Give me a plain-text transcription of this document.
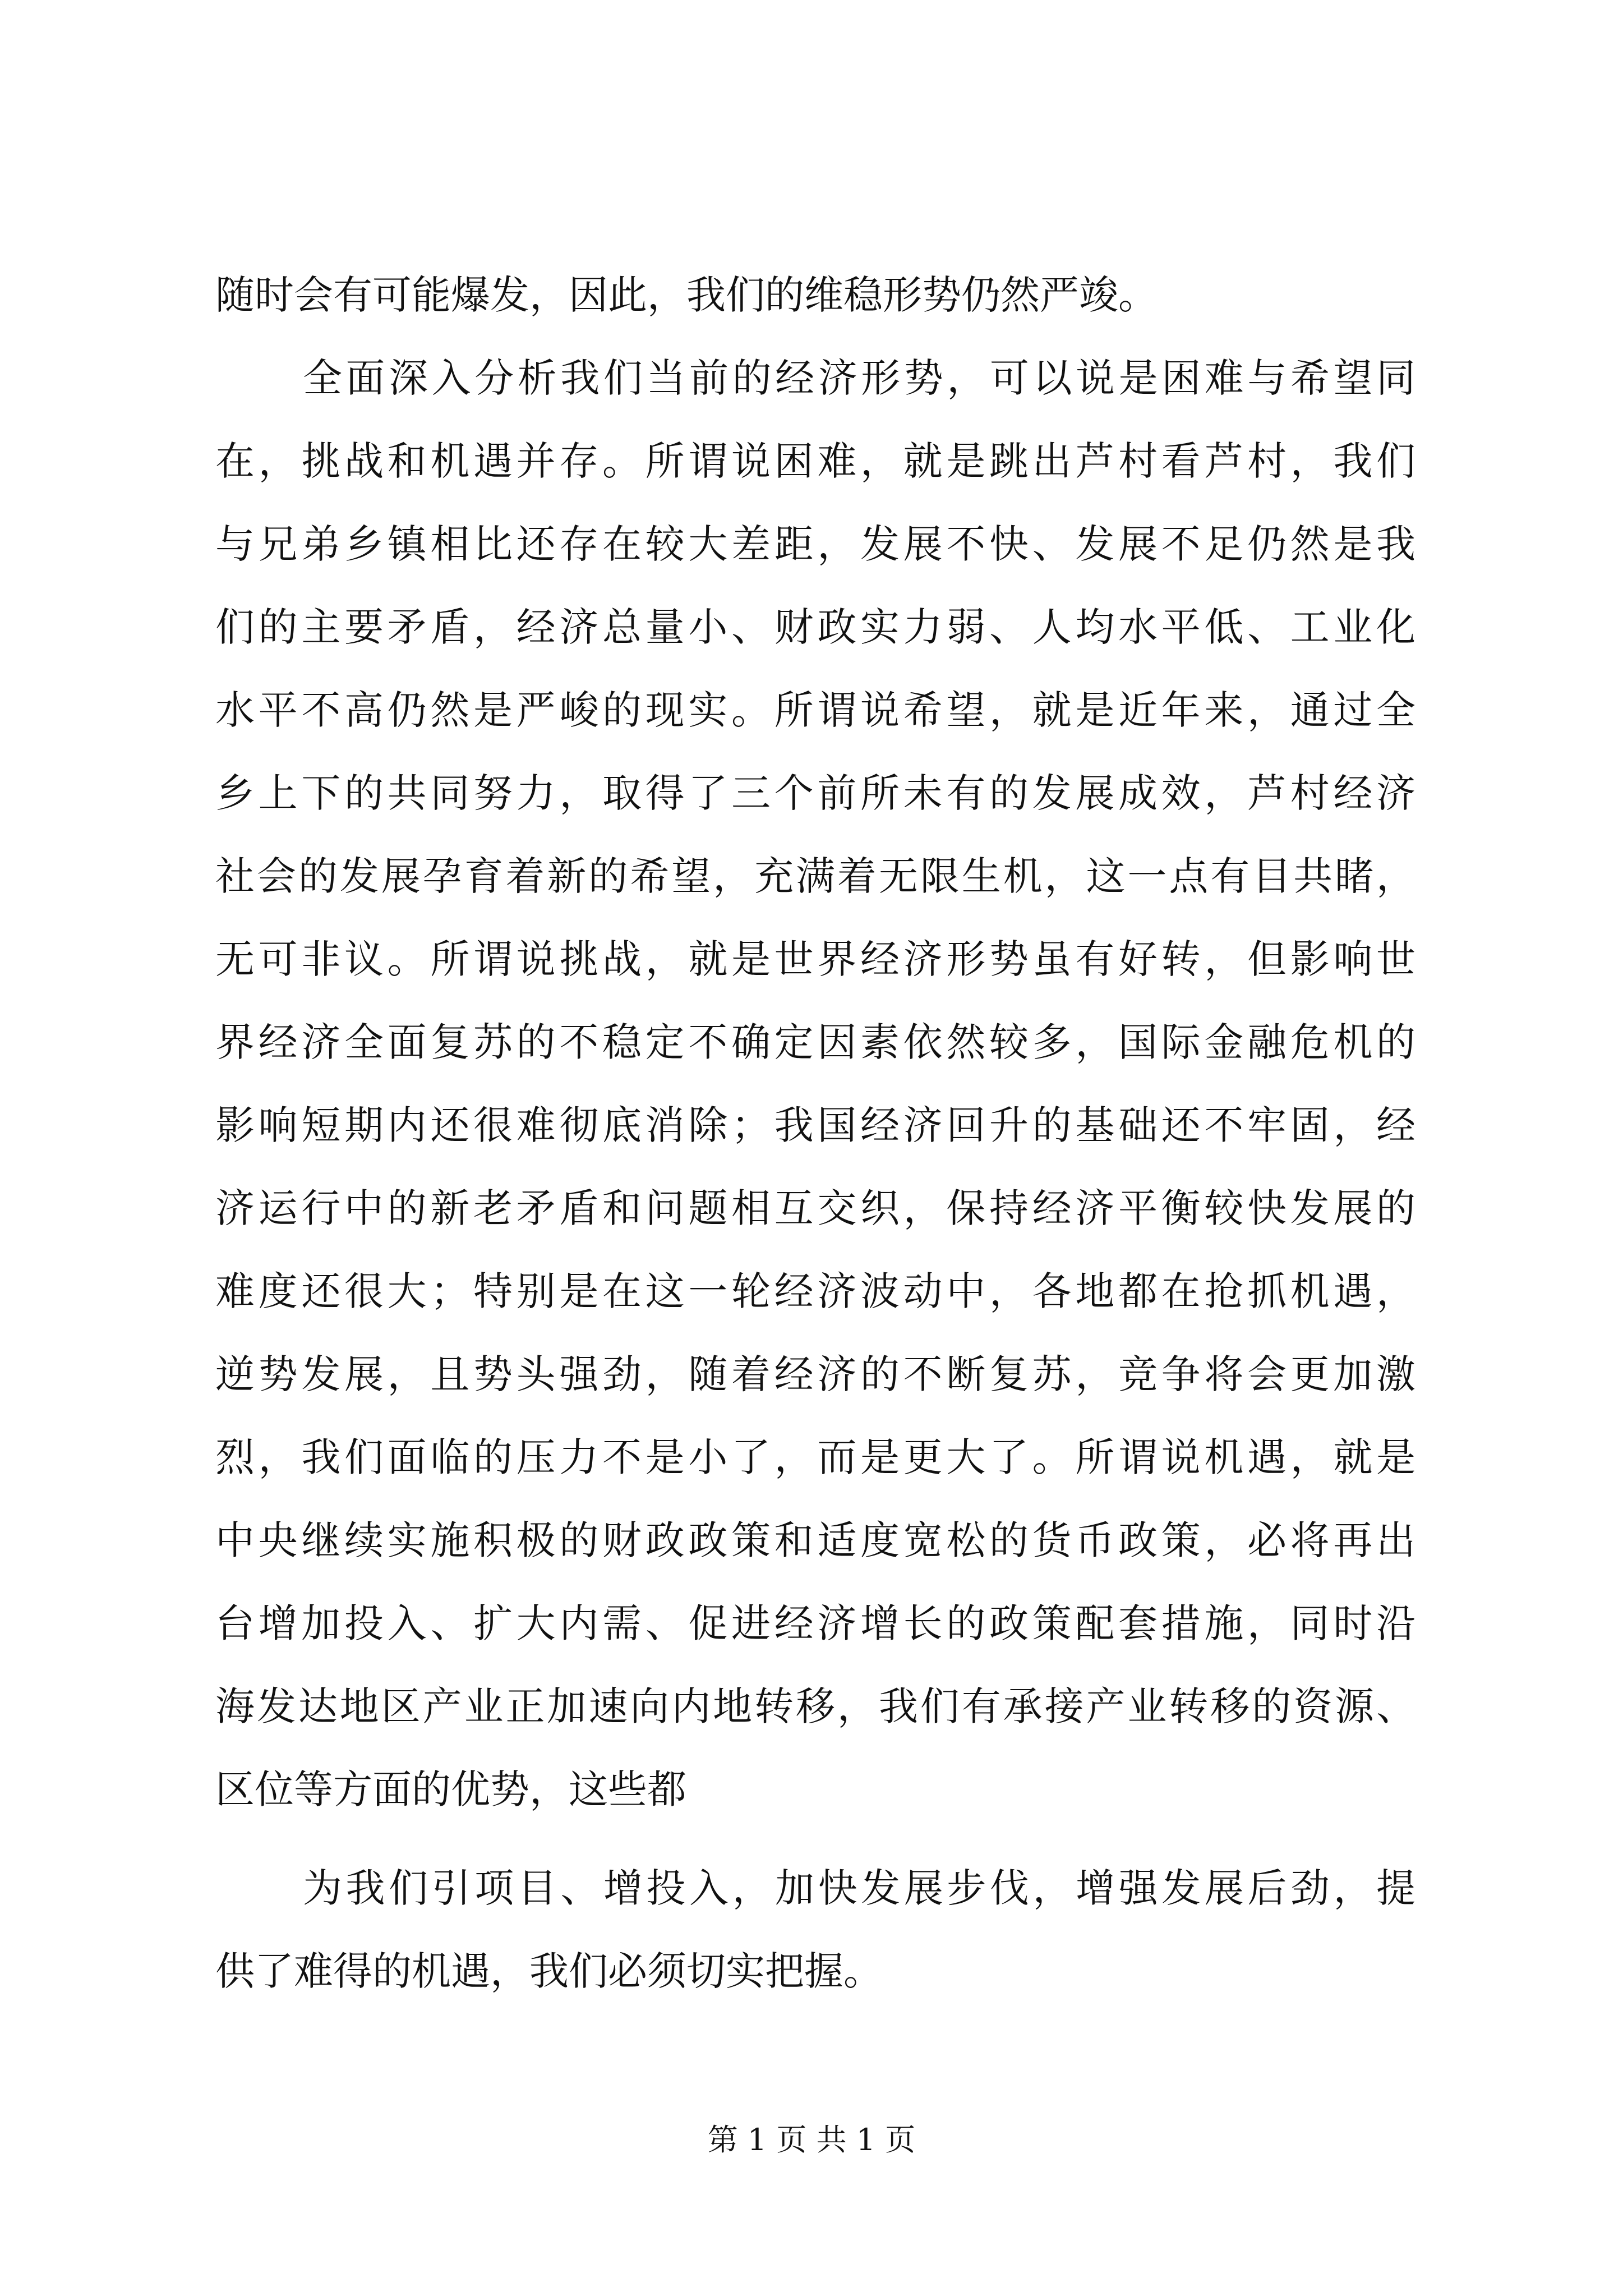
随时会有可能爆发，因此，我们的维稳形势仍然严竣。
全面深入分析我们当前的经济形势，可以说是困难与希望同
在，挑战和机遇并存。所谓说困难，就是跳出芦村看芦村，我们
与兄弟乡镇相比还存在较大差距，发展不快、发展不足仍然是我
们的主要矛盾，经济总量小、财政实力弱、人均水平低、工业化
水平不高仍然是严峻的现实。所谓说希望，就是近年来，通过全
乡上下的共同努力，取得了三个前所未有的发展成效，芦村经济
社会的发展孕育着新的希望，充满着无限生机，这一点有目共睹，
无可非议。所谓说挑战，就是世界经济形势虽有好转，但影响世
界经济全面复苏的不稳定不确定因素依然较多，国际金融危机的
影响短期内还很难彻底消除；我国经济回升的基础还不牢固，经
济运行中的新老矛盾和问题相互交织，保持经济平衡较快发展的
难度还很大；特别是在这一轮经济波动中，各地都在抢抓机遇，
逆势发展，且势头强劲，随着经济的不断复苏，竞争将会更加激
烈，我们面临的压力不是小了，而是更大了。所谓说机遇，就是
中央继续实施积极的财政政策和适度宽松的货币政策，必将再出
台增加投入、扩大内需、促进经济增长的政策配套措施，同时沿
海发达地区产业正加速向内地转移，我们有承接产业转移的资源、
区位等方面的优势，这些都
为我们引项目、增投入，加快发展步伐，增强发展后劲，提
供了难得的机遇，我们必须切实把握。
第 1 页 共 1 页
